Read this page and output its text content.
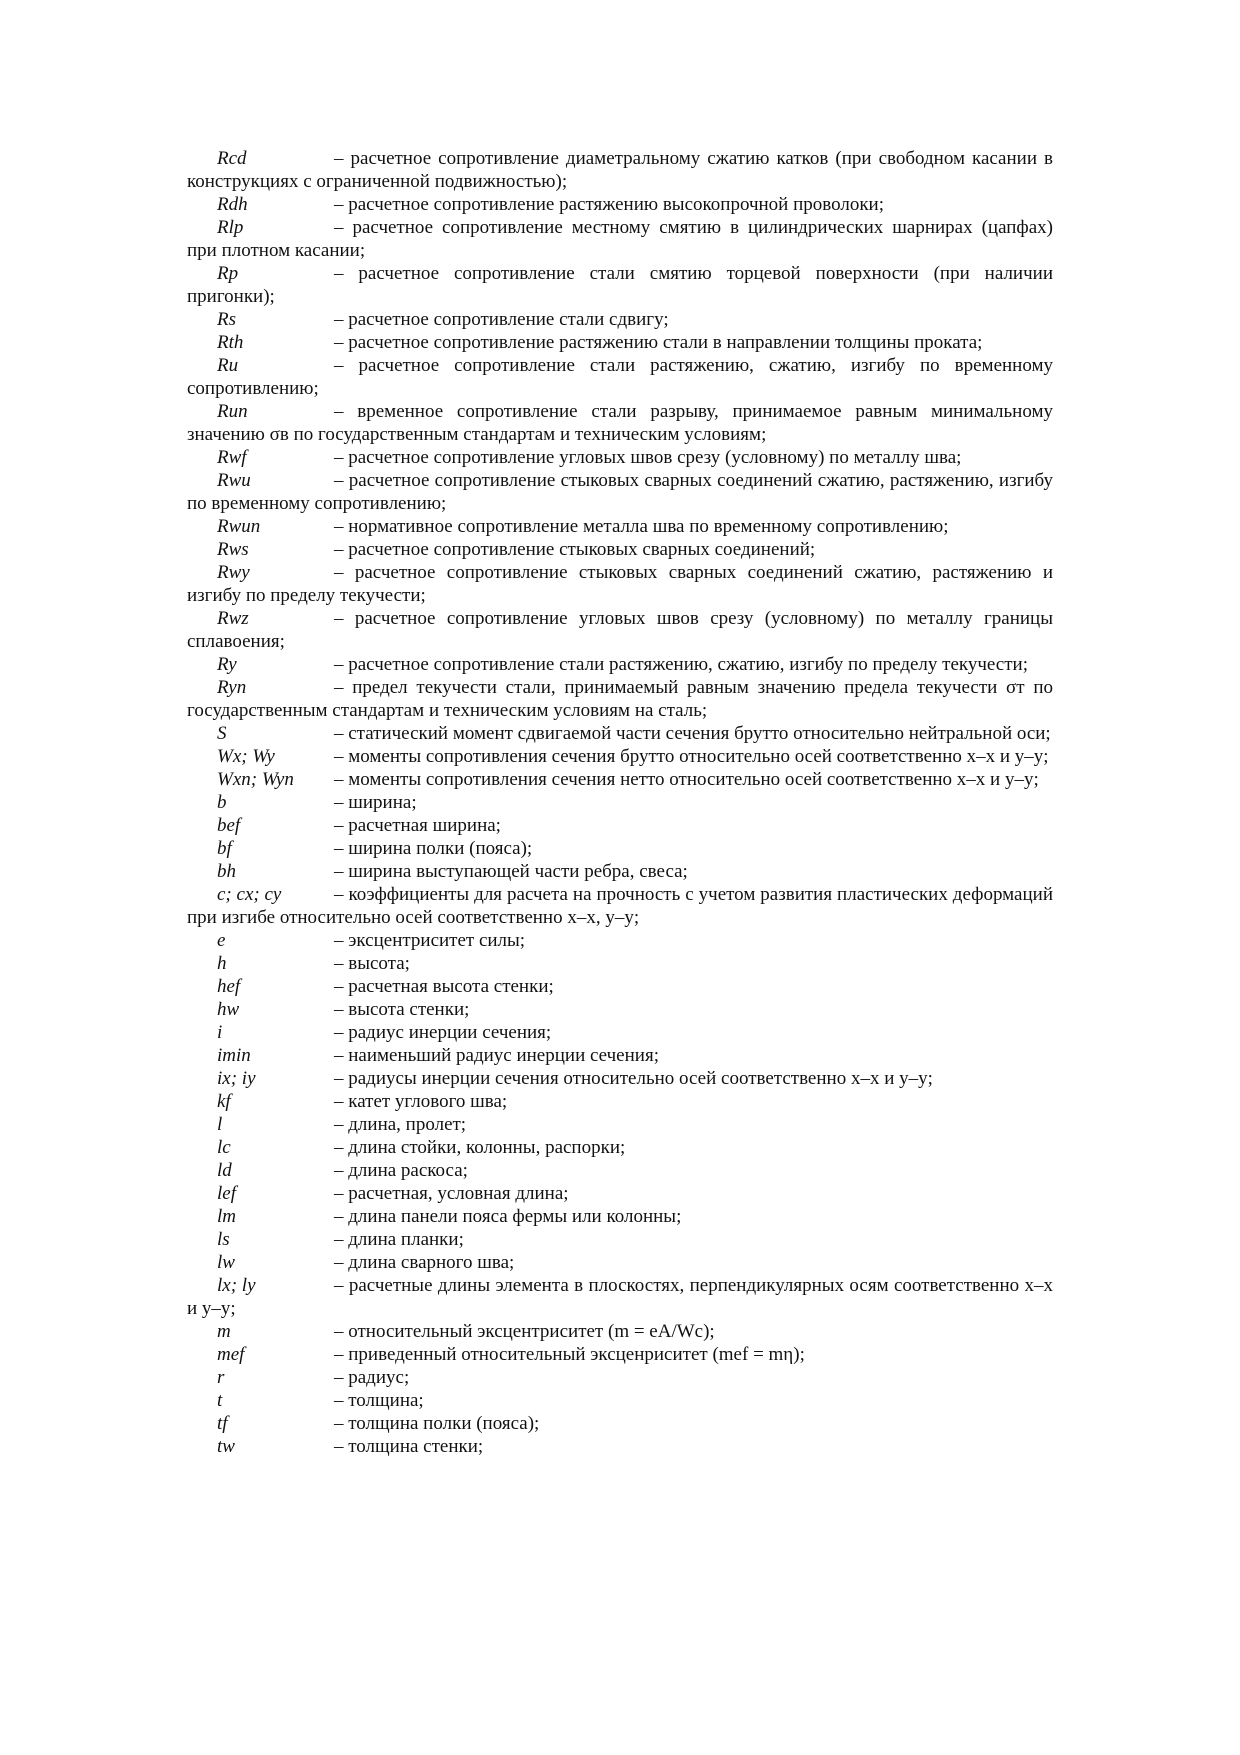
Rcd	– расчетное сопротивление диаметральному сжатию катков (при свободном касании в конструкциях с ограниченной подвижностью);

Rdh	– расчетное сопротивление растяжению высокопрочной проволоки;

Rlp	– расчетное сопротивление местному смятию в цилиндрических шарнирах (цапфах) при плотном касании;

Rp	– расчетное сопротивление стали смятию торцевой поверхности (при наличии пригонки);

Rs	– расчетное сопротивление стали сдвигу;

Rth	– расчетное сопротивление растяжению стали в направлении толщины проката;

Ru	– расчетное сопротивление стали растяжению, сжатию, изгибу по временному сопротивлению;

Run	– временное сопротивление стали разрыву, принимаемое равным минимальному значению σв по государственным стандартам и техническим условиям;

Rwf	– расчетное сопротивление угловых швов срезу (условному) по металлу шва;

Rwu	– расчетное сопротивление стыковых сварных соединений сжатию, растяжению, изгибу по временному сопротивлению;

Rwun	– нормативное сопротивление металла шва по временному сопротивлению;

Rws	– расчетное сопротивление стыковых сварных соединений;

Rwy	– расчетное сопротивление стыковых сварных соединений сжатию, растяжению и изгибу по пределу текучести;

Rwz	– расчетное сопротивление угловых швов срезу (условному) по металлу границы сплавоения;

Ry	– расчетное сопротивление стали растяжению, сжатию, изгибу по пределу текучести;

Ryn	– предел текучести стали, принимаемый равным значению предела текучести σт по государственным стандартам и техническим условиям на сталь;

S	– статический момент сдвигаемой части сечения брутто относительно нейтральной оси;

Wx; Wy	– моменты сопротивления сечения брутто относительно осей соответственно x–x и y–y;

Wxn; Wyn	– моменты сопротивления сечения нетто относительно осей соответственно x–x и y–y;

b	– ширина;

bef	– расчетная ширина;

bf	– ширина полки (пояса);

bh	– ширина выступающей части ребра, свеса;

c; cx; cy	– коэффициенты для расчета на прочность с учетом развития пластических деформаций при изгибе относительно осей соответственно x–x, y–y;

e	– эксцентриситет силы;

h	– высота;

hef	– расчетная высота стенки;

hw	– высота стенки;

i	– радиус инерции сечения;

imin	– наименьший радиус инерции сечения;

ix; iy	– радиусы инерции сечения относительно осей соответственно x–x и y–y;

kf	– катет углового шва;

l	– длина, пролет;

lc	– длина стойки, колонны, распорки;

ld	– длина раскоса;

lef	– расчетная, условная длина;

lm	– длина панели пояса фермы или колонны;

ls	– длина планки;

lw	– длина сварного шва;

lx; ly	– расчетные длины элемента в плоскостях, перпендикулярных осям соответственно x–x и y–y;

m	– относительный эксцентриситет (m = eA/Wc);

mef	– приведенный относительный эксценриситет (mef = mη);

r	– радиус;

t	– толщина;

tf	– толщина полки (пояса);

tw	– толщина стенки;
